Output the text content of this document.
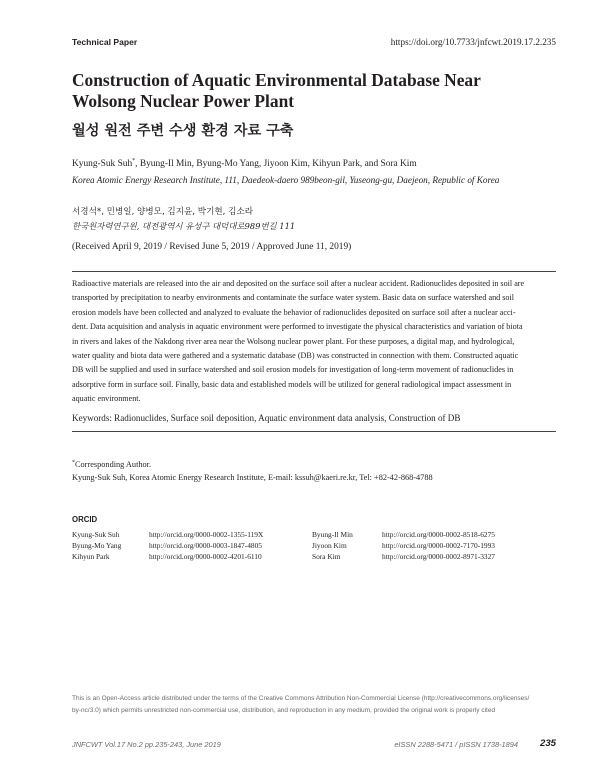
Technical Paper	https://doi.org/10.7733/jnfcwt.2019.17.2.235
Construction of Aquatic Environmental Database Near Wolsong Nuclear Power Plant
월성 원전 주변 수생 환경 자료 구축
Kyung-Suk Suh*, Byung-Il Min, Byung-Mo Yang, Jiyoon Kim, Kihyun Park, and Sora Kim
Korea Atomic Energy Research Institute, 111, Daedeok-daero 989beon-gil, Yuseong-gu, Daejeon, Republic of Korea
서경석*, 민병일, 양병모, 김지윤, 박기현, 김소라
한국원자력연구원, 대전광역시 유성구 대덕대로989번길 111
(Received April 9, 2019 / Revised June 5, 2019 / Approved June 11, 2019)
Radioactive materials are released into the air and deposited on the surface soil after a nuclear accident. Radionuclides deposited in soil are
transported by precipitation to nearby environments and contaminate the surface water system. Basic data on surface watershed and soil
erosion models have been collected and analyzed to evaluate the behavior of radionuclides deposited on surface soil after a nuclear acci-
dent. Data acquisition and analysis in aquatic environment were performed to investigate the physical characteristics and variation of biota
in rivers and lakes of the Nakdong river area near the Wolsong nuclear power plant. For these purposes, a digital map, and hydrological,
water quality and biota data were gathered and a systematic database (DB) was constructed in connection with them. Constructed aquatic
DB will be supplied and used in surface watershed and soil erosion models for investigation of long-term movement of radionuclides in
adsorptive form in surface soil. Finally, basic data and established models will be utilized for general radiological impact assessment in
aquatic environment.
Keywords: Radionuclides, Surface soil deposition, Aquatic environment data analysis, Construction of DB
*Corresponding Author.
Kyung-Suk Suh, Korea Atomic Energy Research Institute, E-mail: kssuh@kaeri.re.kr, Tel: +82-42-868-4788
ORCID
Kyung-Suk Suh	http://orcid.org/0000-0002-1355-119X	Byung-Il Min	http://orcid.org/0000-0002-8518-6275
Byung-Mo Yang	http://orcid.org/0000-0003-1847-4805	Jiyoon Kim	http://orcid.org/0000-0002-7170-1993
Kihyun Park	http://orcid.org/0000-0002-4201-6110	Sora Kim	http://orcid.org/0000-0002-8971-3327
This is an Open-Access article distributed under the terms of the Creative Commons Attribution Non-Commercial License (http://creativecommons.org/licenses/
by-nc/3.0) which permits unrestricted non-commercial use, distribution, and reproduction in any medium, provided the original work is properly cited
JNFCWT Vol.17 No.2 pp.235-243, June 2019	eISSN 2288-5471 / pISSN 1738-1894 235
